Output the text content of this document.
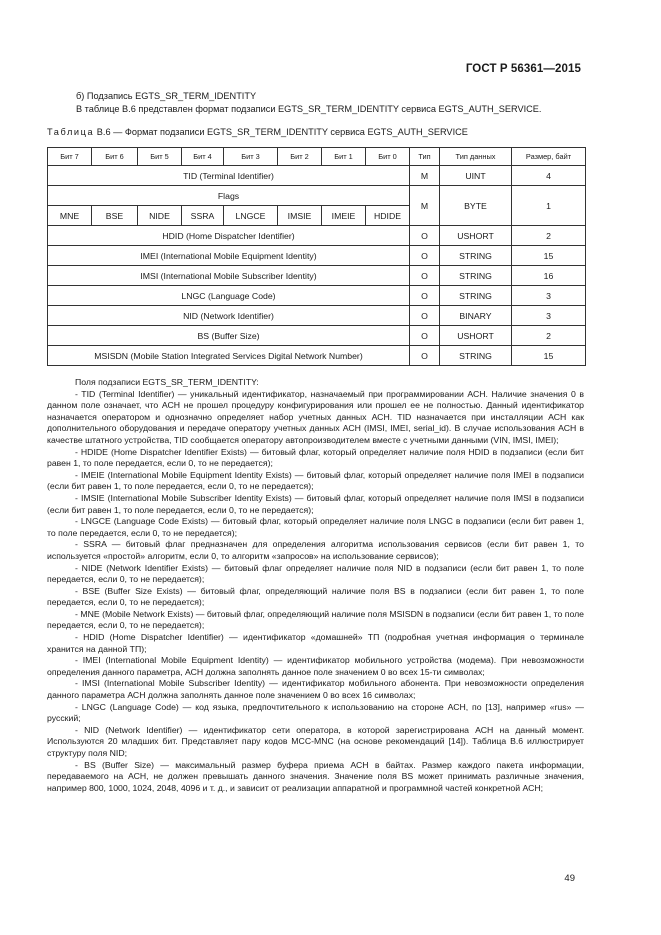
ГОСТ Р 56361—2015
б) Подзапись EGTS_SR_TERM_IDENTITY
В таблице В.6 представлен формат подзаписи EGTS_SR_TERM_IDENTITY сервиса EGTS_AUTH_SERVICE.
Таблица В.6 — Формат подзаписи EGTS_SR_TERM_IDENTITY сервиса EGTS_AUTH_SERVICE
Бит 7	Бит 6	Бит 5	Бит 4	Бит 3	Бит 2	Бит 1	Бит 0	Тип	Тип данных	Размер, байт
TID (Terminal Identifier)								M	UINT	4
Flags								M	BYTE	1
MNE	BSE	NIDE	SSRA	LNGCE	IMSIE	IMEIE	HDIDE			
HDID (Home Dispatcher Identifier)								O	USHORT	2
IMEI (International Mobile Equipment Identity)								O	STRING	15
IMSI (International Mobile Subscriber Identity)								O	STRING	16
LNGC (Language Code)								O	STRING	3
NID (Network Identifier)								O	BINARY	3
BS (Buffer Size)								O	USHORT	2
MSISDN (Mobile Station Integrated Services Digital Network Number)								O	STRING	15

Поля подзаписи EGTS_SR_TERM_IDENTITY:

- TID (Terminal Identifier) — уникальный идентификатор, назначаемый при программировании АСН. Наличие значения 0 в данном поле означает, что АСН не прошел процедуру конфигурирования или прошел ее не полностью. Данный идентификатор назначается оператором и однозначно определяет набор учетных данных АСН. TID назначается при инсталляции АСН как дополнительного оборудования и передаче оператору учетных данных АСН (IMSI, IMEI, serial_id). В случае использования АСН в качестве штатного устройства, TID сообщается оператору автопроизводителем вместе с учетными данными (VIN, IMSI, IMEI);

- HDIDE (Home Dispatcher Identifier Exists) — битовый флаг, который определяет наличие поля HDID в подзаписи (если бит равен 1, то поле передается, если 0, то не передается);

- IMEIE (International Mobile Equipment Identity Exists) — битовый флаг, который определяет наличие поля IMEI в подзаписи (если бит равен 1, то поле передается, если 0, то не передается);

- IMSIE (International Mobile Subscriber Identity Exists) — битовый флаг, который определяет наличие поля IMSI в подзаписи (если бит равен 1, то поле передается, если 0, то не передается);

- LNGCE (Language Code Exists) — битовый флаг, который определяет наличие поля LNGC в подзаписи (если бит равен 1, то поле передается, если 0, то не передается);

- SSRA — битовый флаг предназначен для определения алгоритма использования сервисов (если бит равен 1, то используется «простой» алгоритм, если 0, то алгоритм «запросов» на использование сервисов);

- NIDE (Network Identifier Exists) — битовый флаг определяет наличие поля NID в подзаписи (если бит равен 1, то поле передается, если 0, то не передается);

- BSE (Buffer Size Exists) — битовый флаг, определяющий наличие поля BS в подзаписи (если бит равен 1, то поле передается, если 0, то не передается);

- MNE (Mobile Network Exists) — битовый флаг, определяющий наличие поля MSISDN в подзаписи (если бит равен 1, то поле передается, если 0, то не передается);

- HDID (Home Dispatcher Identifier) — идентификатор «домашней» ТП (подробная учетная информация о терминале хранится на данной ТП);

- IMEI (International Mobile Equipment Identity) — идентификатор мобильного устройства (модема). При невозможности определения данного параметра, АСН должна заполнять данное поле значением 0 во всех 15-ти символах;

- IMSI (International Mobile Subscriber Identity) — идентификатор мобильного абонента. При невозможности определения данного параметра АСН должна заполнять данное поле значением 0 во всех 16 символах;

- LNGC (Language Code) — код языка, предпочтительного к использованию на стороне АСН, по [13], например «rus» — русский;

- NID (Network Identifier) — идентификатор сети оператора, в которой зарегистрирована АСН на данный момент. Используются 20 младших бит. Представляет пару кодов MCC-MNC (на основе рекомендаций [14]). Таблица В.6 иллюстрирует структуру поля NID;

- BS (Buffer Size) — максимальный размер буфера приема АСН в байтах. Размер каждого пакета информации, передаваемого на АСН, не должен превышать данного значения. Значение поля BS может принимать различные значения, например 800, 1000, 1024, 2048, 4096 и т. д., и зависит от реализации аппаратной и программной частей конкретной АСН;

49
